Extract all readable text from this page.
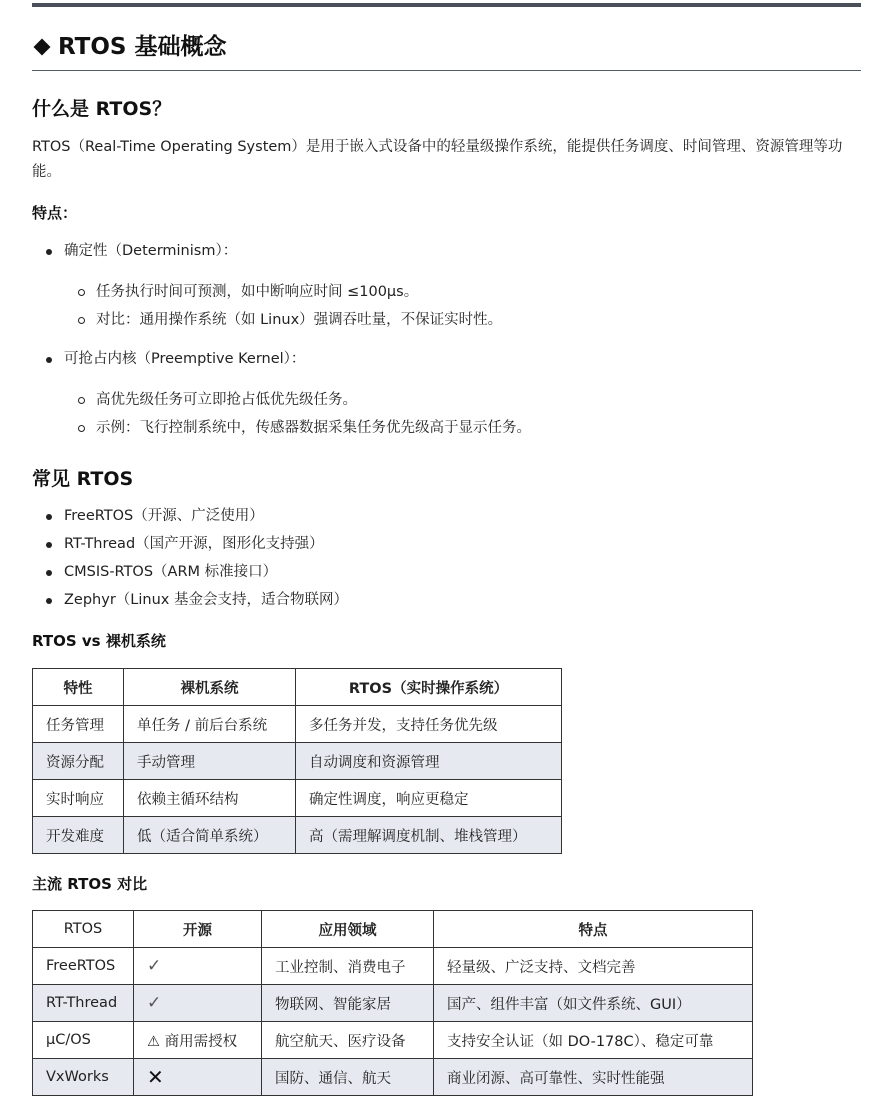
RTOS 基础概念
什么是 RTOS？

RTOS（Real-Time Operating System）是用于嵌入式设备中的轻量级操作系统，能提供任务调度、时间管理、资源管理等功能。

特点：
确定性（Determinism）：
任务执行时间可预测，如中断响应时间 ≤100μs。
对比：通用操作系统（如 Linux）强调吞吐量，不保证实时性。
可抢占内核（Preemptive Kernel）：
高优先级任务可立即抢占低优先级任务。
示例：飞行控制系统中，传感器数据采集任务优先级高于显示任务。
常见 RTOS
FreeRTOS（开源、广泛使用）
RT-Thread（国产开源，图形化支持强）
CMSIS-RTOS（ARM 标准接口）
Zephyr（Linux 基金会支持，适合物联网）
RTOS vs 裸机系统
特性	裸机系统	RTOS（实时操作系统）
任务管理	单任务 / 前后台系统	多任务并发，支持任务优先级
资源分配	手动管理	自动调度和资源管理
实时响应	依赖主循环结构	确定性调度，响应更稳定
开发难度	低（适合简单系统）	高（需理解调度机制、堆栈管理）
主流 RTOS 对比
RTOS	开源	应用领域	特点
FreeRTOS	✓	工业控制、消费电子	轻量级、广泛支持、文档完善
RT-Thread	✓	物联网、智能家居	国产、组件丰富（如文件系统、GUI）
μC/OS	⚠ 商用需授权	航空航天、医疗设备	支持安全认证（如 DO-178C）、稳定可靠
VxWorks	✕	国防、通信、航天	商业闭源、高可靠性、实时性能强
